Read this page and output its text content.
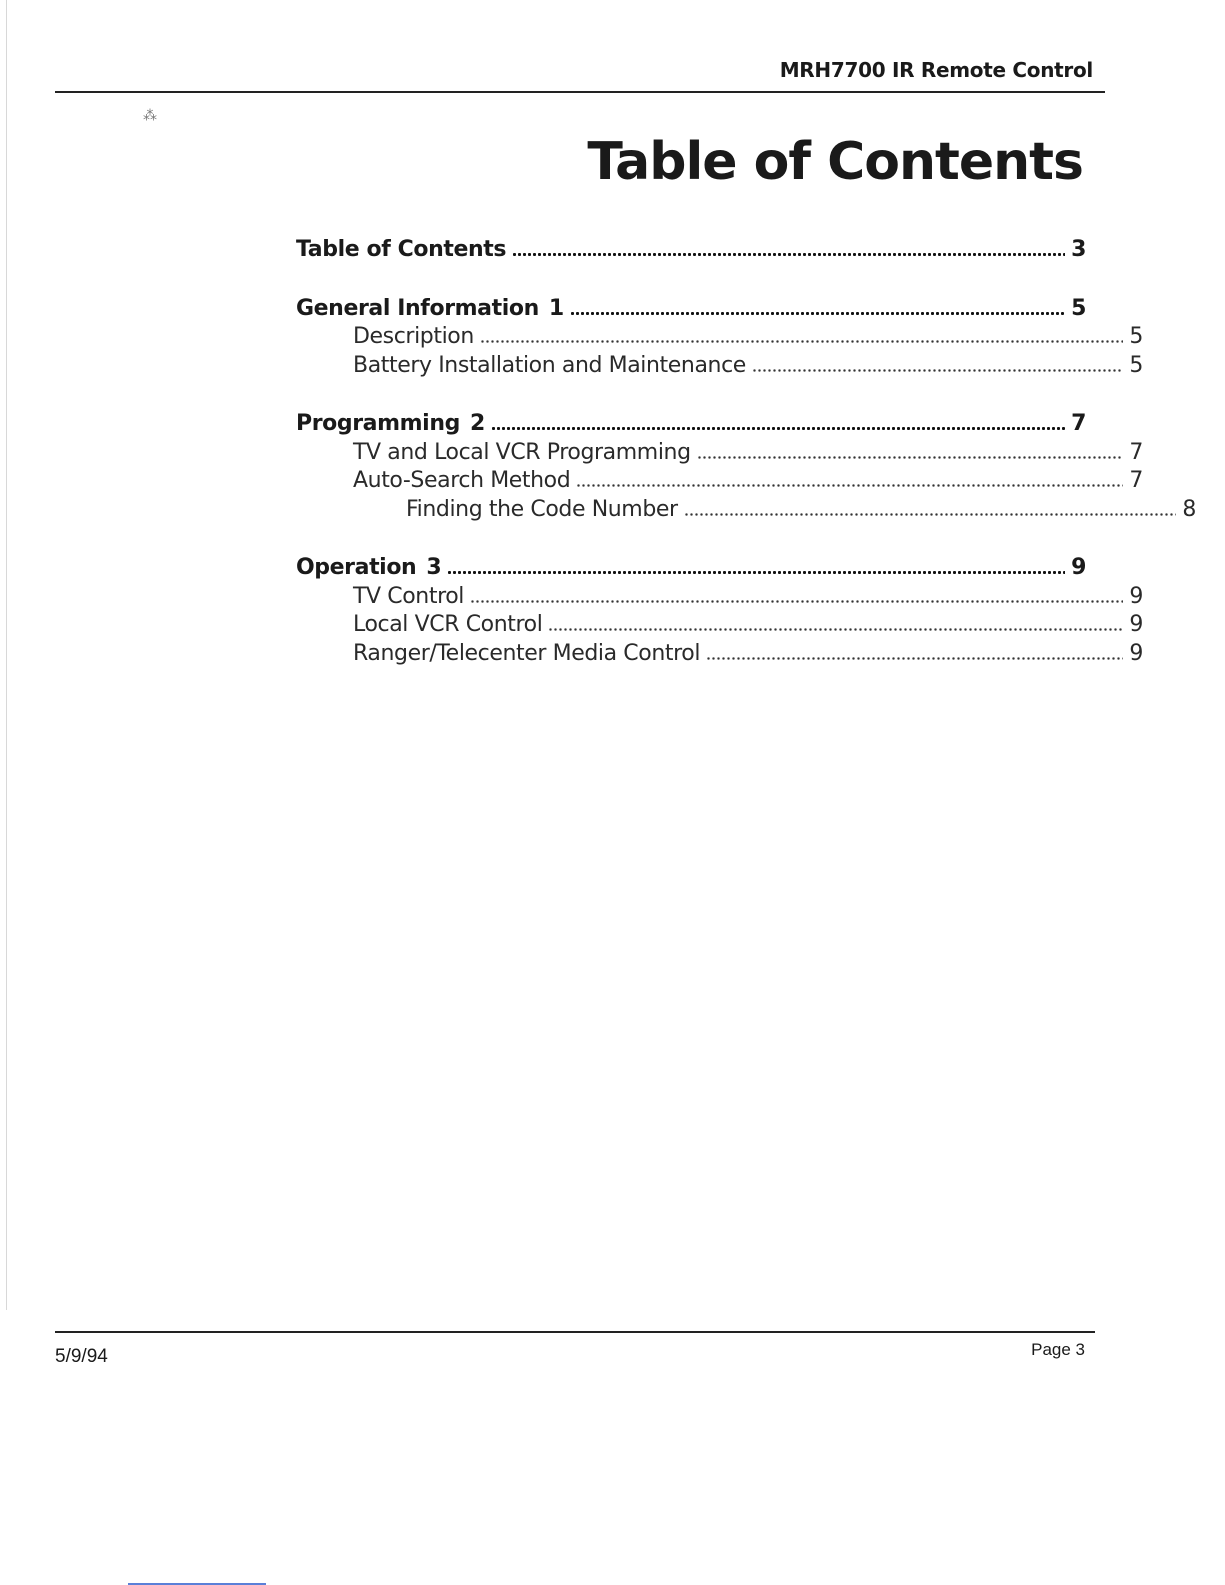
MRH7700 IR Remote Control
⁂
Table of Contents
Table of Contents	3
General Information 1	5
Description	5
Battery Installation and Maintenance	5
Programming 2	7
TV and Local VCR Programming	7
Auto-Search Method	7
Finding the Code Number	8
Operation 3	9
TV Control	9
Local VCR Control	9
Ranger/Telecenter Media Control	9
5/9/94	Page 3
